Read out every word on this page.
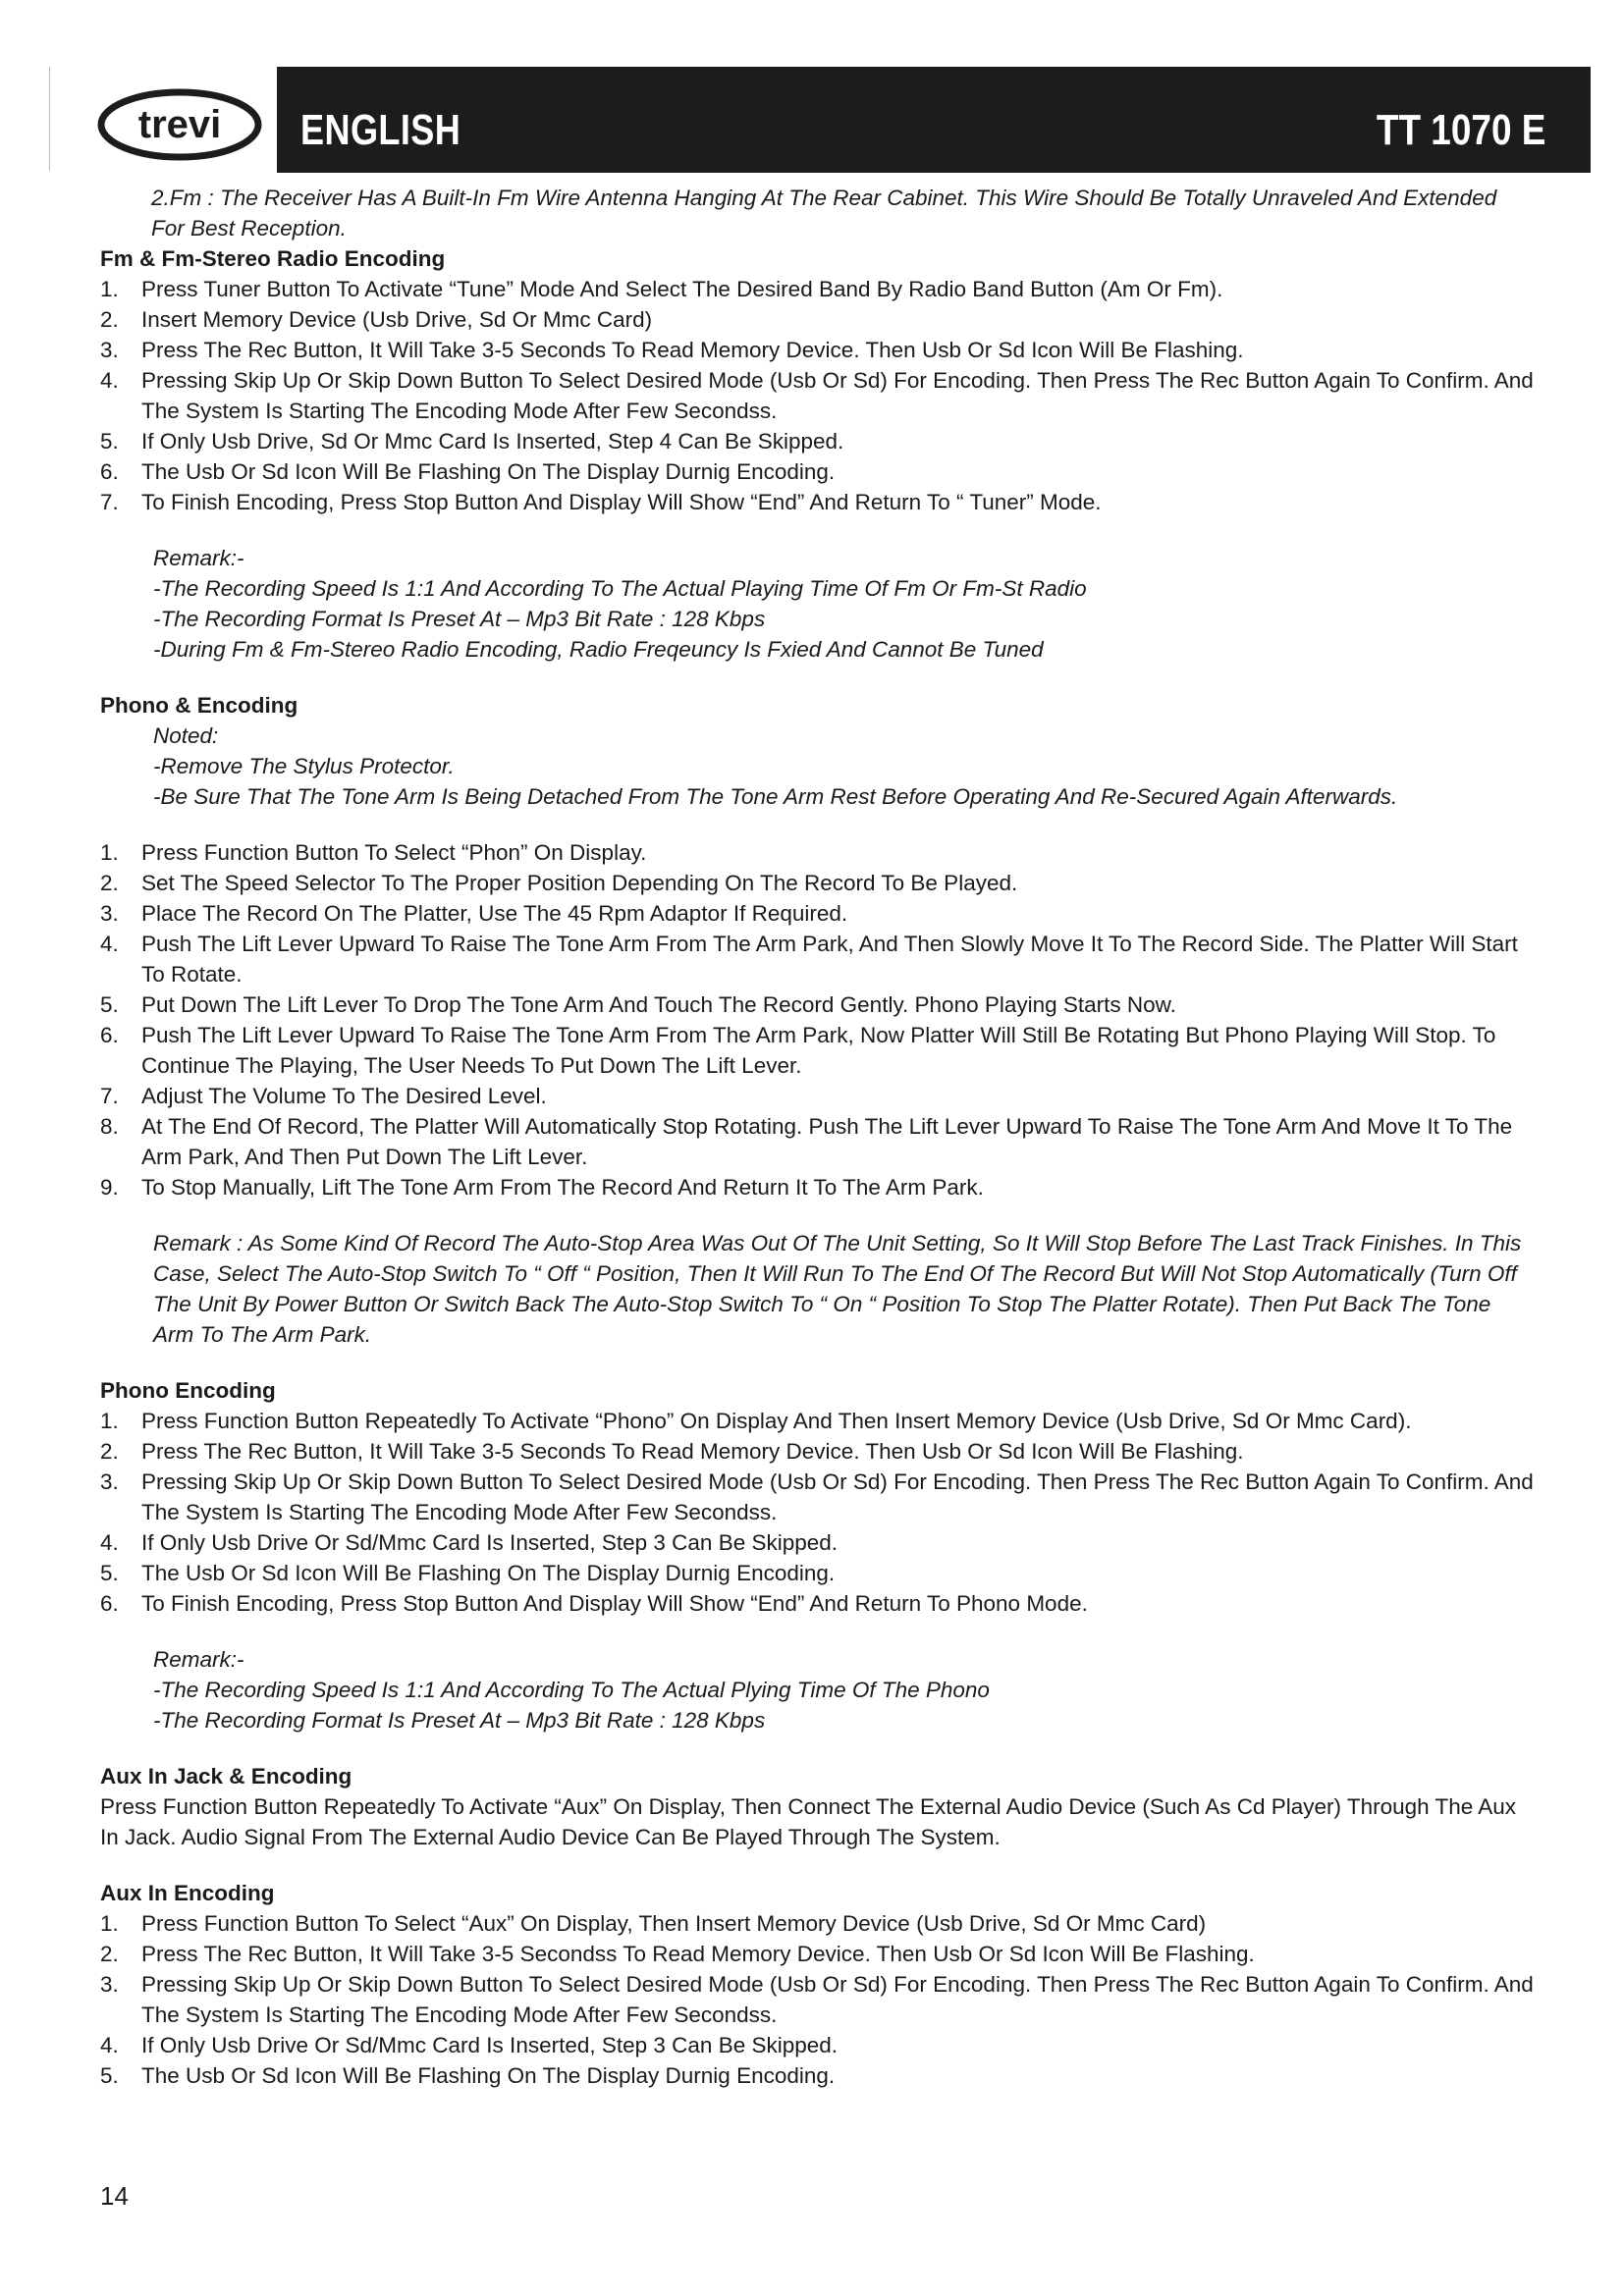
trevi ENGLISH	TT 1070 E

2.Fm : The Receiver Has A Built-In Fm Wire Antenna Hanging At The Rear Cabinet. This Wire Should Be Totally Unraveled And Extended For Best Reception.

Fm & Fm-Stereo Radio Encoding

1. Press Tuner Button To Activate “Tune” Mode And Select The Desired Band By Radio Band Button (Am Or Fm).
2. Insert Memory Device (Usb Drive, Sd Or Mmc Card)
3. Press The Rec Button, It Will Take 3-5 Seconds To Read Memory Device. Then Usb Or Sd Icon Will Be Flashing.
4. Pressing Skip Up Or Skip Down Button To Select Desired Mode (Usb Or Sd) For Encoding. Then Press The Rec Button Again To Confirm. And The System Is Starting The Encoding Mode After Few Secondss.
5. If Only Usb Drive, Sd Or Mmc Card Is Inserted, Step 4 Can Be Skipped.
6. The Usb Or Sd Icon Will Be Flashing On The Display Durnig Encoding.
7. To Finish Encoding, Press Stop Button And Display Will Show “End” And Return To “ Tuner” Mode.

Remark:-

-The Recording Speed Is 1:1 And According To The Actual Playing Time Of Fm Or Fm-St Radio

-The Recording Format Is Preset At – Mp3 Bit Rate : 128 Kbps

-During Fm & Fm-Stereo Radio Encoding, Radio Freqeuncy Is Fxied And Cannot Be Tuned

Phono & Encoding

Noted:

-Remove The Stylus Protector.

-Be Sure That The Tone Arm Is Being Detached From The Tone Arm Rest Before Operating And Re-Secured Again Afterwards.

1. Press Function Button To Select “Phon” On Display.
2. Set The Speed Selector To The Proper Position Depending On The Record To Be Played.
3. Place The Record On The Platter, Use The 45 Rpm Adaptor If Required.
4. Push The Lift Lever Upward To Raise The Tone Arm From The Arm Park, And Then Slowly Move It To The Record Side. The Platter Will Start To Rotate.
5. Put Down The Lift Lever To Drop The Tone Arm And Touch The Record Gently. Phono Playing Starts Now.
6. Push The Lift Lever Upward To Raise The Tone Arm From The Arm Park, Now Platter Will Still Be Rotating But Phono Playing Will Stop. To Continue The Playing, The User Needs To Put Down The Lift Lever.
7. Adjust The Volume To The Desired Level.
8. At The End Of Record, The Platter Will Automatically Stop Rotating. Push The Lift Lever Upward To Raise The Tone Arm And Move It To The Arm Park, And Then Put Down The Lift Lever.
9. To Stop Manually, Lift The Tone Arm From The Record And Return It To The Arm Park.

Remark : As Some Kind Of Record The Auto-Stop Area Was Out Of The Unit Setting, So It Will Stop Before The Last Track Finishes. In This Case, Select The Auto-Stop Switch To “ Off “ Position, Then It Will Run To The End Of The Record But Will Not Stop Automatically (Turn Off The Unit By Power Button Or Switch Back The Auto-Stop Switch To “ On “ Position To Stop The Platter Rotate). Then Put Back The Tone Arm To The Arm Park.

Phono Encoding

1. Press Function Button Repeatedly To Activate “Phono” On Display And Then Insert Memory Device (Usb Drive, Sd Or Mmc Card).
2. Press The Rec Button, It Will Take 3-5 Seconds To Read Memory Device. Then Usb Or Sd Icon Will Be Flashing.
3. Pressing Skip Up Or Skip Down Button To Select Desired Mode (Usb Or Sd) For Encoding. Then Press The Rec Button Again To Confirm. And The System Is Starting The Encoding Mode After Few Secondss.
4. If Only Usb Drive Or Sd/Mmc Card Is Inserted, Step 3 Can Be Skipped.
5. The Usb Or Sd Icon Will Be Flashing On The Display Durnig Encoding.
6. To Finish Encoding, Press Stop Button And Display Will Show “End” And Return To Phono Mode.

Remark:-

-The Recording Speed Is 1:1 And According To The Actual Plying Time Of The Phono

-The Recording Format Is Preset At – Mp3 Bit Rate : 128 Kbps

Aux In Jack & Encoding

Press Function Button Repeatedly To Activate “Aux” On Display, Then Connect The External Audio Device (Such As Cd Player) Through The Aux In Jack. Audio Signal From The External Audio Device Can Be Played Through The System.

Aux In Encoding

1. Press Function Button To Select “Aux” On Display, Then Insert Memory Device (Usb Drive, Sd Or Mmc Card)
2. Press The Rec Button, It Will Take 3-5 Secondss To Read Memory Device. Then Usb Or Sd Icon Will Be Flashing.
3. Pressing Skip Up Or Skip Down Button To Select Desired Mode (Usb Or Sd) For Encoding. Then Press The Rec Button Again To Confirm. And The System Is Starting The Encoding Mode After Few Secondss.
4. If Only Usb Drive Or Sd/Mmc Card Is Inserted, Step 3 Can Be Skipped.
5. The Usb Or Sd Icon Will Be Flashing On The Display Durnig Encoding.
14
